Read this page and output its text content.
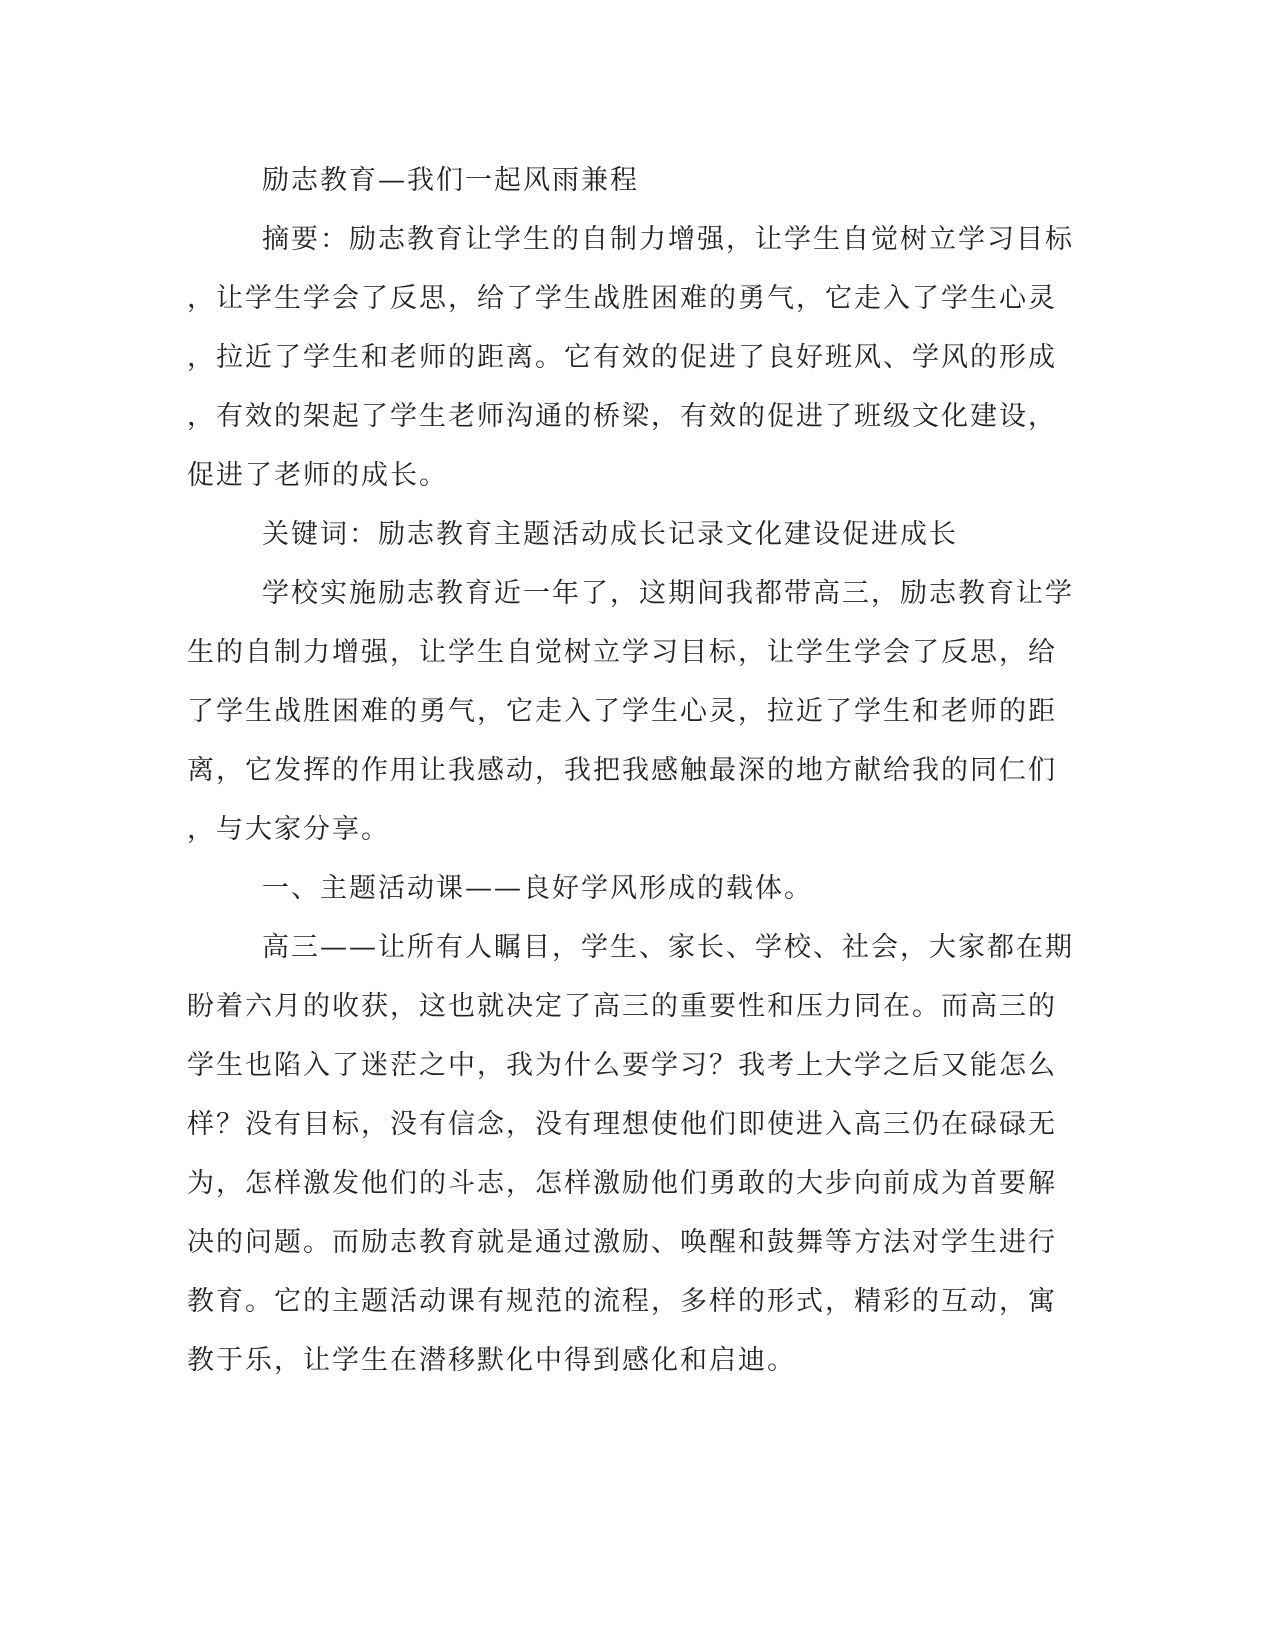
励志教育—我们一起风雨兼程
摘要：励志教育让学生的自制力增强，让学生自觉树立学习目标
，让学生学会了反思，给了学生战胜困难的勇气，它走入了学生心灵
，拉近了学生和老师的距离。它有效的促进了良好班风、学风的形成
，有效的架起了学生老师沟通的桥梁，有效的促进了班级文化建设，
促进了老师的成长。
关键词：励志教育主题活动成长记录文化建设促进成长
学校实施励志教育近一年了，这期间我都带高三，励志教育让学
生的自制力增强，让学生自觉树立学习目标，让学生学会了反思，给
了学生战胜困难的勇气，它走入了学生心灵，拉近了学生和老师的距
离，它发挥的作用让我感动，我把我感触最深的地方献给我的同仁们
，与大家分享。
一、主题活动课——良好学风形成的载体。
高三——让所有人瞩目，学生、家长、学校、社会，大家都在期
盼着六月的收获，这也就决定了高三的重要性和压力同在。而高三的
学生也陷入了迷茫之中，我为什么要学习？我考上大学之后又能怎么
样？没有目标，没有信念，没有理想使他们即使进入高三仍在碌碌无
为，怎样激发他们的斗志，怎样激励他们勇敢的大步向前成为首要解
决的问题。而励志教育就是通过激励、唤醒和鼓舞等方法对学生进行
教育。它的主题活动课有规范的流程，多样的形式，精彩的互动，寓
教于乐，让学生在潜移默化中得到感化和启迪。
